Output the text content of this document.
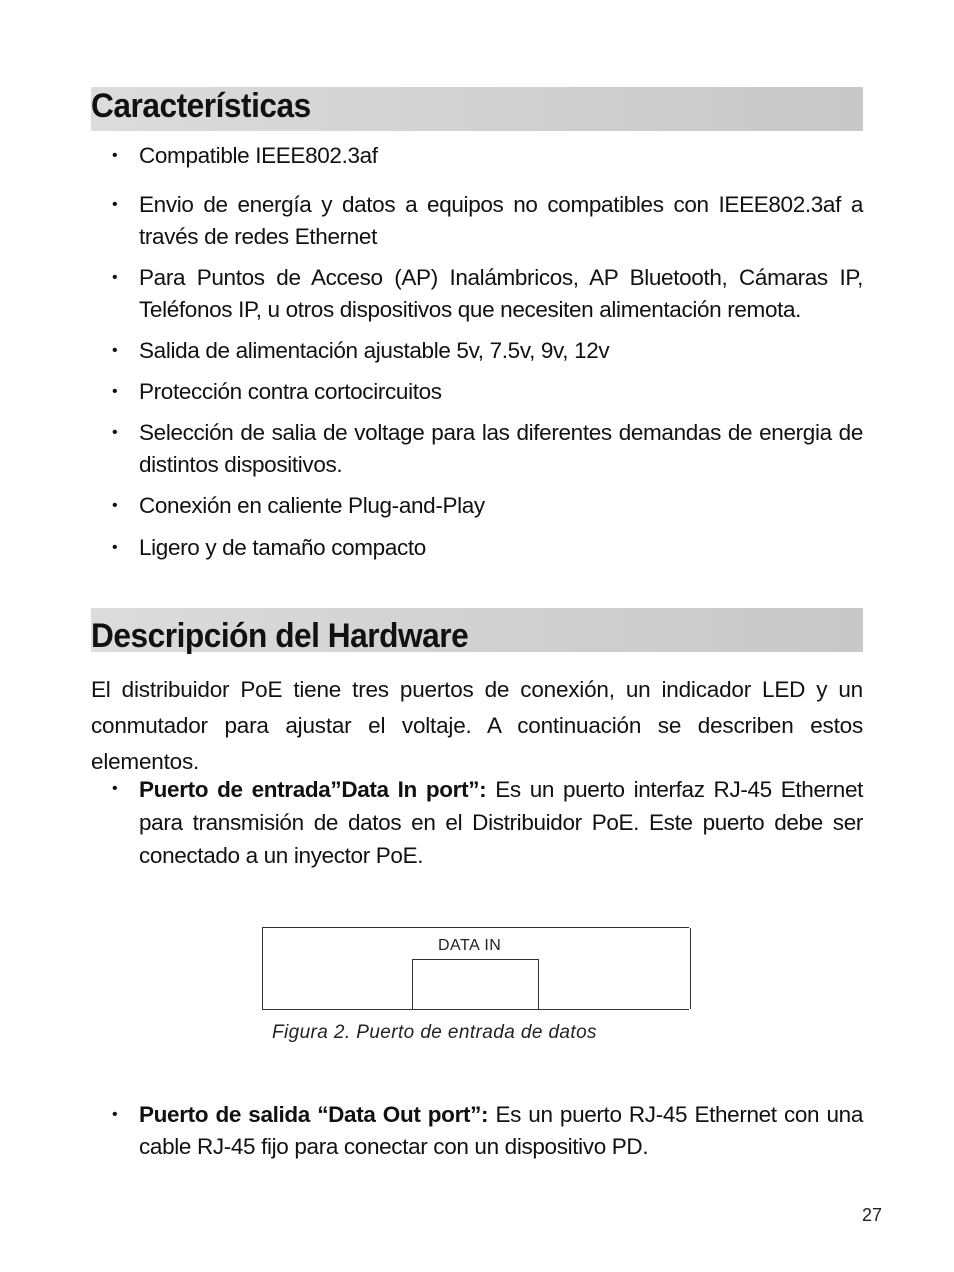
Características
• Compatible IEEE802.3af
• Envio de energía y datos a equipos no compatibles con IEEE802.3af a través de redes Ethernet
• Para Puntos de Acceso (AP) Inalámbricos, AP Bluetooth, Cámaras IP, Teléfonos IP, u otros dispositivos que necesiten alimentación remota.
• Salida de alimentación ajustable 5v, 7.5v, 9v, 12v
• Protección contra cortocircuitos
• Selección de salia de voltage para las diferentes demandas de energia de distintos dispositivos.
• Conexión en caliente Plug-and-Play
• Ligero y de tamaño compacto
Descripción del Hardware
El distribuidor PoE tiene tres puertos de conexión, un indicador LED y un conmutador para ajustar el voltaje. A continuación se describen estos elementos.
• Puerto de entrada”Data In port”: Es un puerto interfaz RJ-45 Ethernet para transmisión de datos en el Distribuidor PoE. Este puerto debe ser conectado a un inyector PoE.
DATA IN
Figura 2. Puerto de entrada de datos
• Puerto de salida “Data Out port”: Es un puerto RJ-45 Ethernet con una cable RJ-45 fijo para conectar con un dispositivo PD.
27
